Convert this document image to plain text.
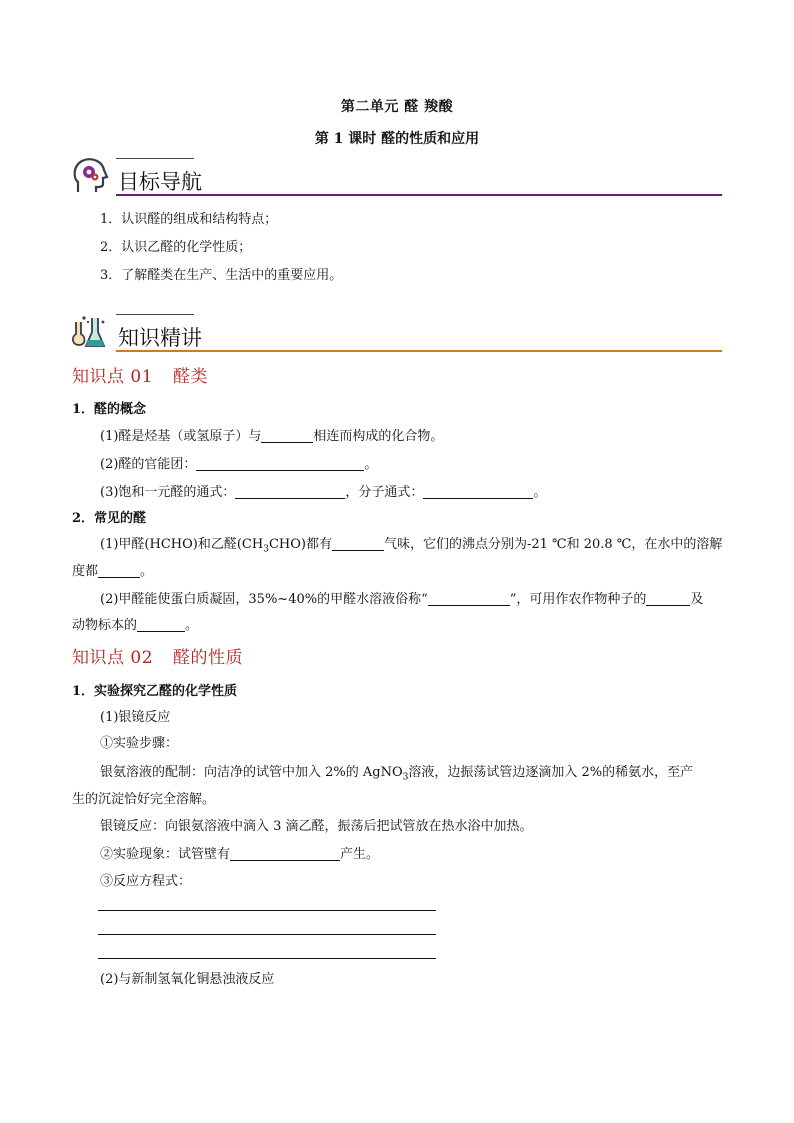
第二单元 醛 羧酸
第 1 课时 醛的性质和应用
目标导航
1．认识醛的组成和结构特点；
2．认识乙醛的化学性质；
3．了解醛类在生产、生活中的重要应用。
知识精讲
知识点 01 醛类
1．醛的概念
(1)醛是烃基（或氢原子）与	相连而构成的化合物。
(2)醛的官能团：	。
(3)饱和一元醛的通式：	，分子通式：	。
2．常见的醛
(1)甲醛(HCHO)和乙醛$(CH_3CHO)$都有	气味，它们的沸点分别为-21 ℃和 20.8 ℃，在水中的溶解
度都	。
(2)甲醛能使蛋白质凝固，35%~40%的甲醛水溶液俗称“	”，可用作农作物种子的	及
动物标本的	。
知识点 02 醛的性质
1．实验探究乙醛的化学性质
(1)银镜反应
①实验步骤：
银氨溶液的配制：向洁净的试管中加入 2%的 AgNO$_3$溶液，边振荡试管边逐滴加入 2%的稀氨水，至产
生的沉淀恰好完全溶解。
银镜反应：向银氨溶液中滴入 3 滴乙醛，振荡后把试管放在热水浴中加热。
②实验现象：试管壁有	产生。
③反应方程式：
(2)与新制氢氧化铜悬浊液反应
